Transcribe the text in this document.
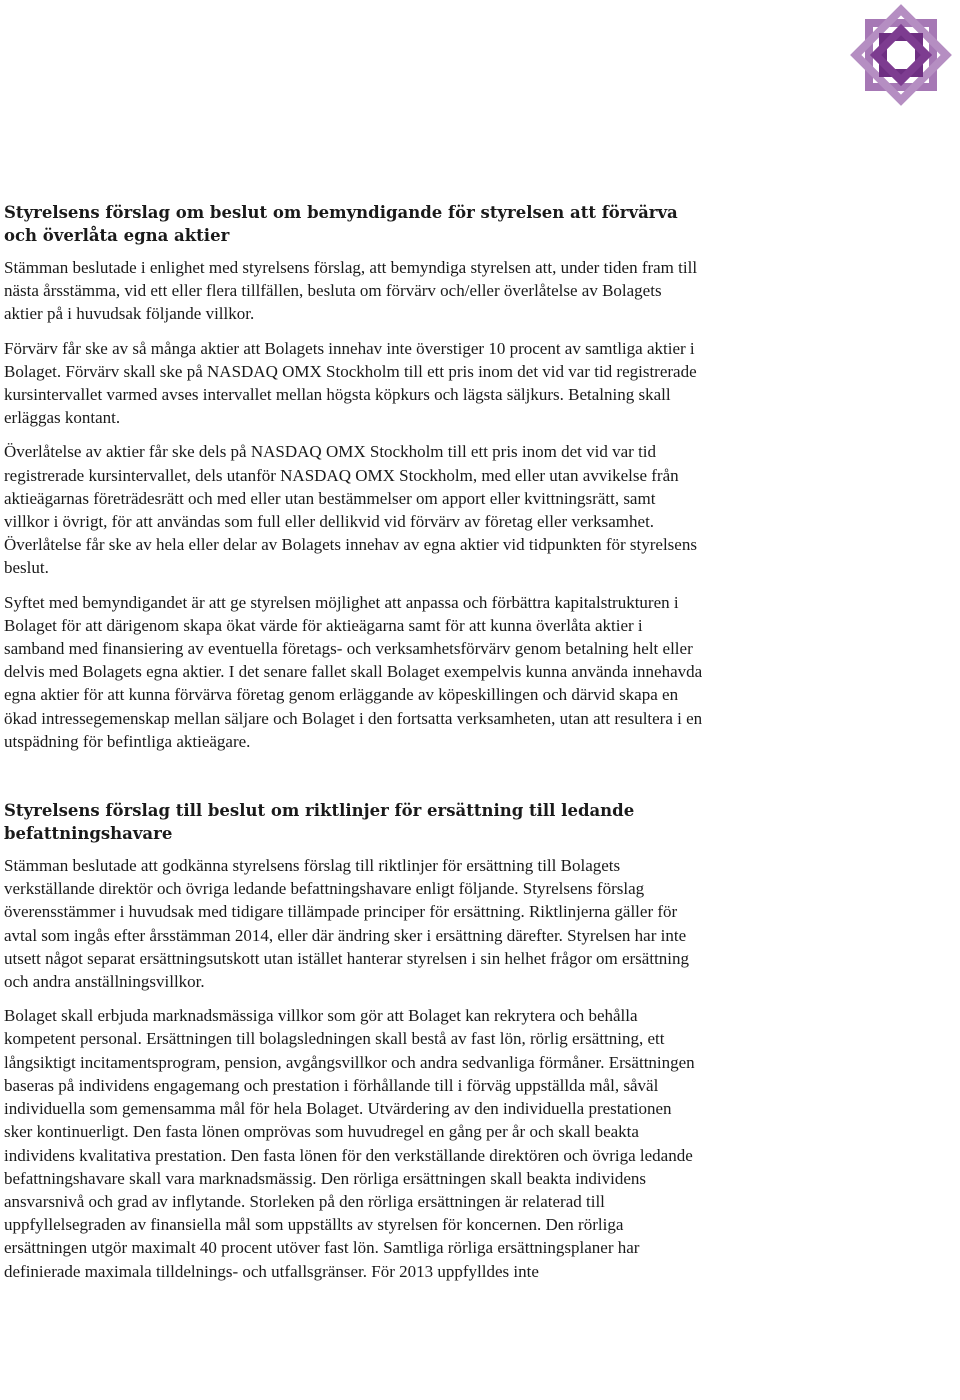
Styrelsens förslag om beslut om bemyndigande för styrelsen att förvärva och överlåta egna aktier

Stämman beslutade i enlighet med styrelsens förslag, att bemyndiga styrelsen att, under tiden fram till nästa årsstämma, vid ett eller flera tillfällen, besluta om förvärv och/eller överlåtelse av Bolagets aktier på i huvudsak följande villkor.

Förvärv får ske av så många aktier att Bolagets innehav inte överstiger 10 procent av samtliga aktier i Bolaget. Förvärv skall ske på NASDAQ OMX Stockholm till ett pris inom det vid var tid registrerade kursintervallet varmed avses intervallet mellan högsta köpkurs och lägsta säljkurs. Betalning skall erläggas kontant.

Överlåtelse av aktier får ske dels på NASDAQ OMX Stockholm till ett pris inom det vid var tid registrerade kursintervallet, dels utanför NASDAQ OMX Stockholm, med eller utan avvikelse från aktieägarnas företrädesrätt och med eller utan bestämmelser om apport eller kvittningsrätt, samt villkor i övrigt, för att användas som full eller dellikvid vid förvärv av företag eller verksamhet. Överlåtelse får ske av hela eller delar av Bolagets innehav av egna aktier vid tidpunkten för styrelsens beslut.

Syftet med bemyndigandet är att ge styrelsen möjlighet att anpassa och förbättra kapitalstrukturen i Bolaget för att därigenom skapa ökat värde för aktieägarna samt för att kunna överlåta aktier i samband med finansiering av eventuella företags- och verksamhetsförvärv genom betalning helt eller delvis med Bolagets egna aktier. I det senare fallet skall Bolaget exempelvis kunna använda innehavda egna aktier för att kunna förvärva företag genom erläggande av köpeskillingen och därvid skapa en ökad intressegemenskap mellan säljare och Bolaget i den fortsatta verksamheten, utan att resultera i en utspädning för befintliga aktieägare.

Styrelsens förslag till beslut om riktlinjer för ersättning till ledande befattningshavare

Stämman beslutade att godkänna styrelsens förslag till riktlinjer för ersättning till Bolagets verkställande direktör och övriga ledande befattningshavare enligt följande. Styrelsens förslag överensstämmer i huvudsak med tidigare tillämpade principer för ersättning. Riktlinjerna gäller för avtal som ingås efter årsstämman 2014, eller där ändring sker i ersättning därefter. Styrelsen har inte utsett något separat ersättningsutskott utan istället hanterar styrelsen i sin helhet frågor om ersättning och andra anställningsvillkor.

Bolaget skall erbjuda marknadsmässiga villkor som gör att Bolaget kan rekrytera och behålla kompetent personal. Ersättningen till bolagsledningen skall bestå av fast lön, rörlig ersättning, ett långsiktigt incitamentsprogram, pension, avgångsvillkor och andra sedvanliga förmåner. Ersättningen baseras på individens engagemang och prestation i förhållande till i förväg uppställda mål, såväl individuella som gemensamma mål för hela Bolaget. Utvärdering av den individuella prestationen sker kontinuerligt. Den fasta lönen omprövas som huvudregel en gång per år och skall beakta individens kvalitativa prestation. Den fasta lönen för den verkställande direktören och övriga ledande befattningshavare skall vara marknadsmässig. Den rörliga ersättningen skall beakta individens ansvarsnivå och grad av inflytande. Storleken på den rörliga ersättningen är relaterad till uppfyllelsegraden av finansiella mål som uppställts av styrelsen för koncernen. Den rörliga ersättningen utgör maximalt 40 procent utöver fast lön. Samtliga rörliga ersättningsplaner har definierade maximala tilldelnings- och utfallsgränser. För 2013 uppfylldes inte
